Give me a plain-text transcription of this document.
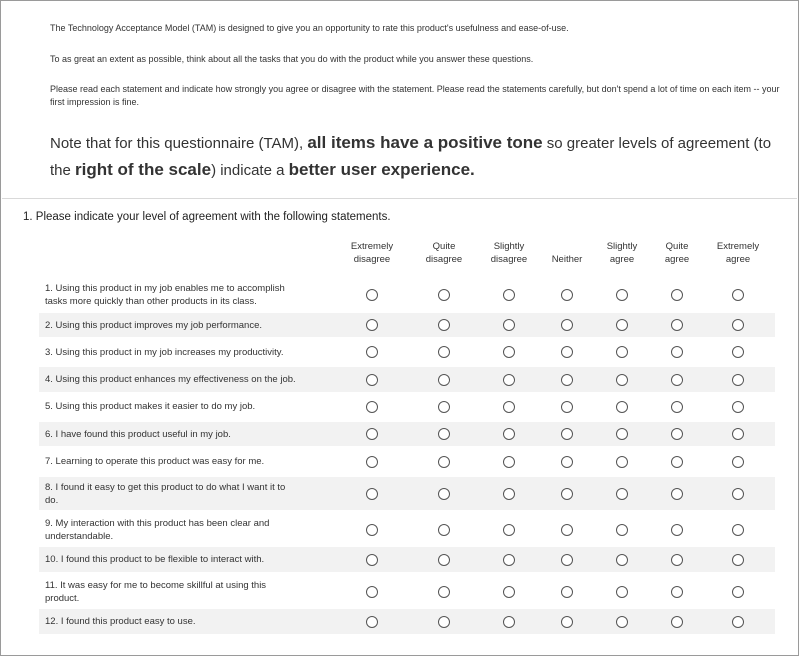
The Technology Acceptance Model (TAM) is designed to give you an opportunity to rate this product's usefulness and ease-of-use.

To as great an extent as possible, think about all the tasks that you do with the product while you answer these questions.

Please read each statement and indicate how strongly you agree or disagree with the statement. Please read the statements carefully, but don't spend a lot of time on each item -- your first impression is fine.

Note that for this questionnaire (TAM), all items have a positive tone so greater levels of agreement (to the right of the scale) indicate a better user experience.

1. Please indicate your level of agreement with the following statements.

Extremely
disagree
Quite
disagree
Slightly
disagree
	Neither
Slightly
agree
Quite
agree
Extremely
agree
1. Using this product in my job enables me to accomplish
tasks more quickly than other products in its class.
2. Using this product improves my job performance.
3. Using this product in my job increases my productivity.
4. Using this product enhances my effectiveness on the job.
5. Using this product makes it easier to do my job.
6. I have found this product useful in my job.
7. Learning to operate this product was easy for me.
8. I found it easy to get this product to do what I want it to
do.
9. My interaction with this product has been clear and
understandable.
10. I found this product to be flexible to interact with.
11. It was easy for me to become skillful at using this
product.
12. I found this product easy to use.
